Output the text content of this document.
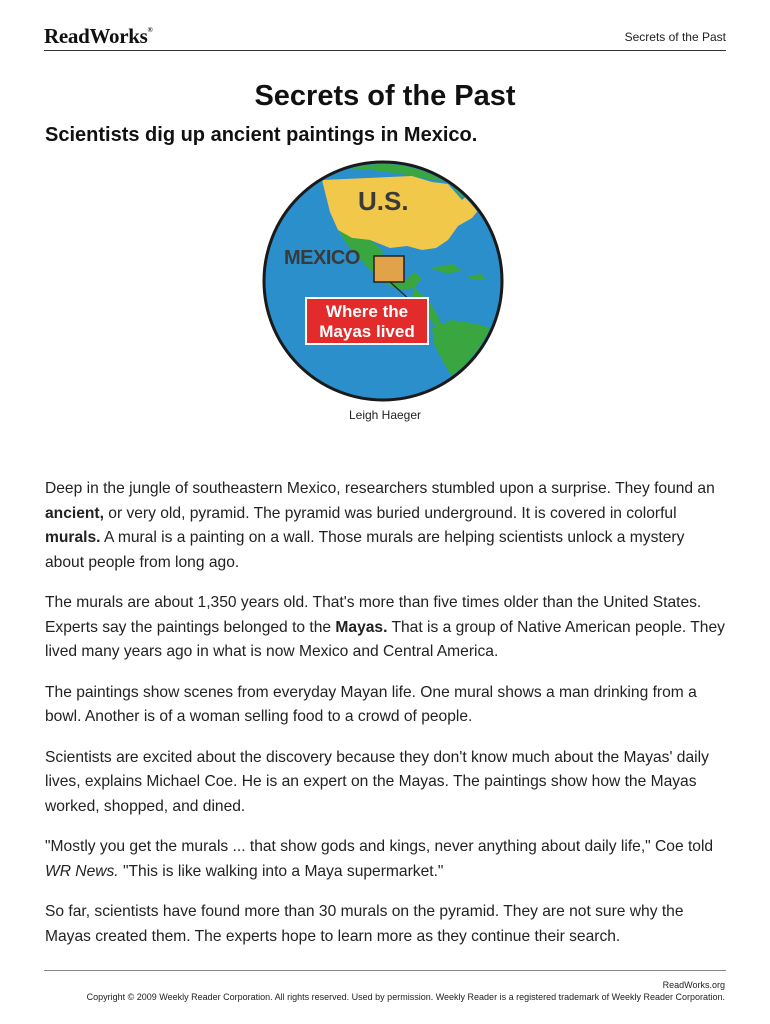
ReadWorks®	Secrets of the Past
Secrets of the Past
Scientists dig up ancient paintings in Mexico.
U.S.
MEXICO
Where the
Mayas lived
Leigh Haeger

Deep in the jungle of southeastern Mexico, researchers stumbled upon a surprise. They found an ancient, or very old, pyramid. The pyramid was buried underground. It is covered in colorful murals. A mural is a painting on a wall. Those murals are helping scientists unlock a mystery about people from long ago.

The murals are about 1,350 years old. That's more than five times older than the United States. Experts say the paintings belonged to the Mayas. That is a group of Native American people. They lived many years ago in what is now Mexico and Central America.

The paintings show scenes from everyday Mayan life. One mural shows a man drinking from a bowl. Another is of a woman selling food to a crowd of people.

Scientists are excited about the discovery because they don't know much about the Mayas' daily lives, explains Michael Coe. He is an expert on the Mayas. The paintings show how the Mayas worked, shopped, and dined.

"Mostly you get the murals ... that show gods and kings, never anything about daily life," Coe told WR News. "This is like walking into a Maya supermarket."

So far, scientists have found more than 30 murals on the pyramid. They are not sure why the Mayas created them. The experts hope to learn more as they continue their search.

ReadWorks.org
Copyright © 2009 Weekly Reader Corporation. All rights reserved. Used by permission. Weekly Reader is a registered trademark of Weekly Reader Corporation.
